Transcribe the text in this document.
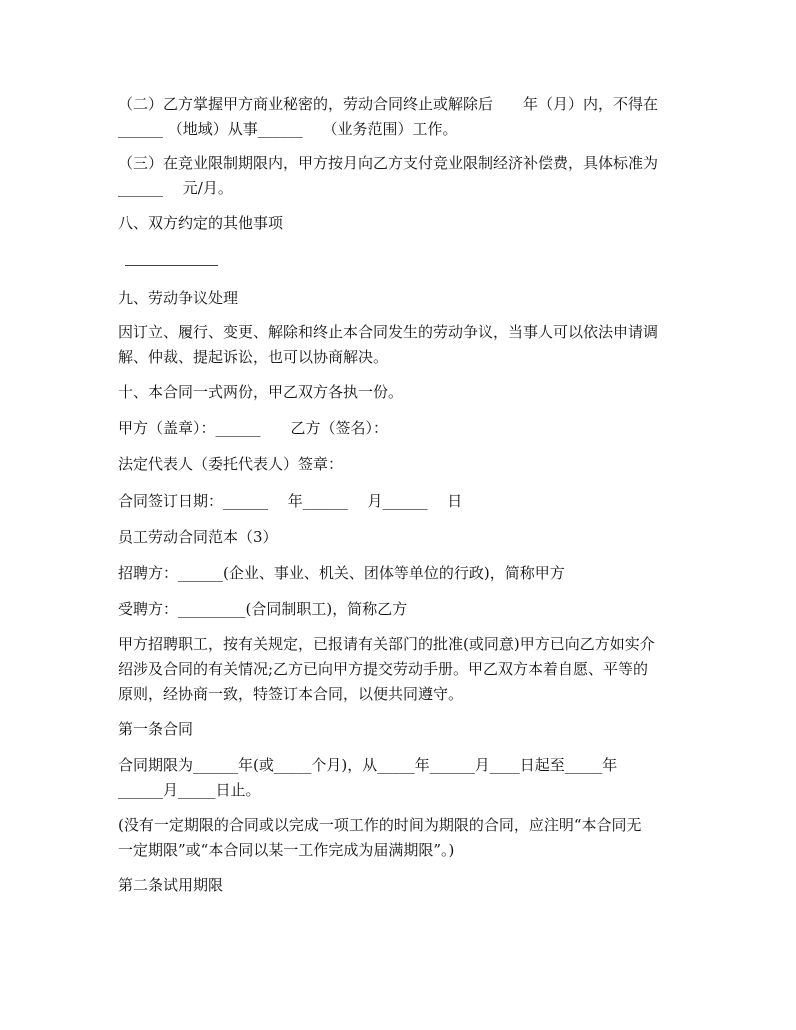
（二）乙方掌握甲方商业秘密的，劳动合同终止或解除后　　年（月）内，不得在

______ （地域）从事______　 （业务范围）工作。

（三）在竞业限制期限内，甲方按月向乙方支付竞业限制经济补偿费，具体标准为

______　 元/月。

八、双方约定的其他事项

九、劳动争议处理

因订立、履行、变更、解除和终止本合同发生的劳动争议，当事人可以依法申请调

解、仲裁、提起诉讼，也可以协商解决。

十、本合同一式两份，甲乙双方各执一份。

甲方（盖章）：______　　乙方（签名）：

法定代表人（委托代表人）签章：

合同签订日期：______　 年______　 月______　 日

员工劳动合同范本（3）

招聘方：______(企业、事业、机关、团体等单位的行政)，简称甲方

受聘方：_________(合同制职工)，简称乙方

甲方招聘职工，按有关规定，已报请有关部门的批准(或同意)甲方已向乙方如实介

绍涉及合同的有关情况;乙方已向甲方提交劳动手册。甲乙双方本着自愿、平等的

原则，经协商一致，特签订本合同，以便共同遵守。

第一条合同

合同期限为______年(或_____个月)，从_____年______月____日起至_____年

______月_____日止。

(没有一定期限的合同或以完成一项工作的时间为期限的合同，应注明“本合同无

一定期限”或“本合同以某一工作完成为届满期限”。)

第二条试用期限
